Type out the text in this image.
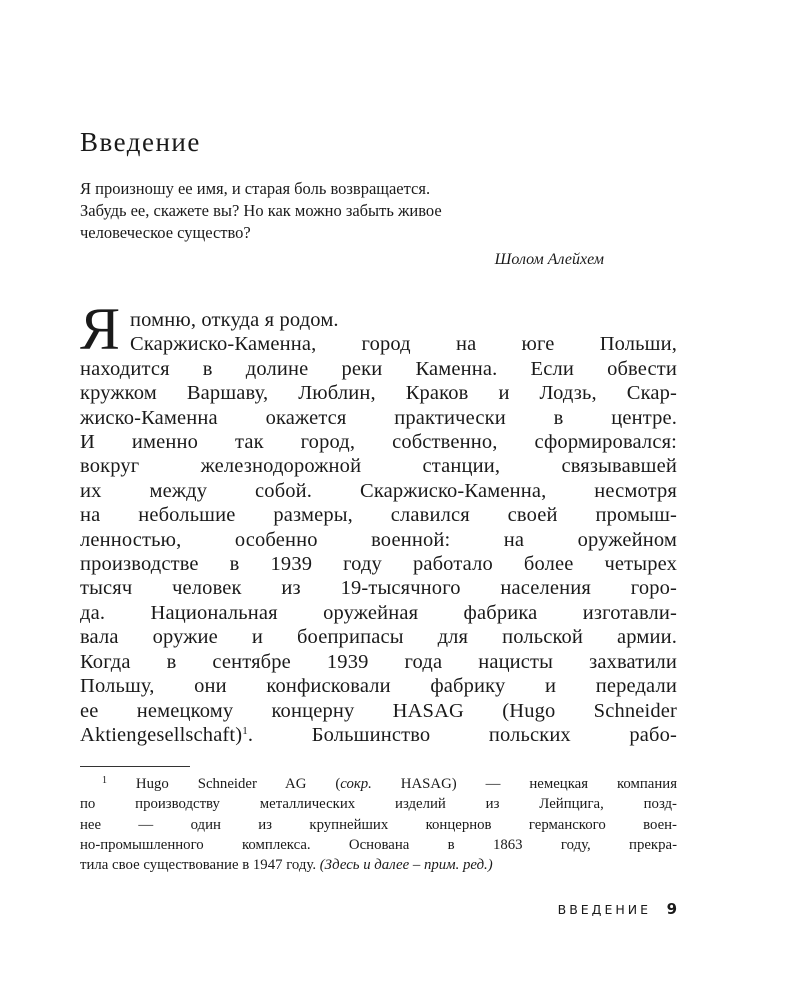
Введение
Я произношу ее имя, и старая боль возвращается.
Забудь ее, скажете вы? Но как можно забыть живое
человеческое существо?
Шолом Алейхем
Я помню, откуда я родом.
Скаржиско-Каменна, город на юге Польши,
находится в долине реки Каменна. Если обвести
кружком Варшаву, Люблин, Краков и Лодзь, Скар-
жиско-Каменна окажется практически в центре.
И именно так город, собственно, сформировался:
вокруг железнодорожной станции, связывавшей
их между собой. Скаржиско-Каменна, несмотря
на небольшие размеры, славился своей промыш-
ленностью, особенно военной: на оружейном
производстве в 1939 году работало более четырех
тысяч человек из 19-тысячного населения горо-
да. Национальная оружейная фабрика изготавли-
вала оружие и боеприпасы для польской армии.
Когда в сентябре 1939 года нацисты захватили
Польшу, они конфисковали фабрику и передали
ее немецкому концерну HASAG (Hugo Schneider
Aktiengesellschaft)$^1$. Большинство польских рабо-
$^1$ Hugo Schneider AG (сокр. HASAG) — немецкая компания
по производству металлических изделий из Лейпцига, позд-
нее — один из крупнейших концернов германского воен-
но-промышленного комплекса. Основана в 1863 году, прекра-
тила свое существование в 1947 году. (Здесь и далее – прим. ред.)
ВВЕДЕНИЕ 9
